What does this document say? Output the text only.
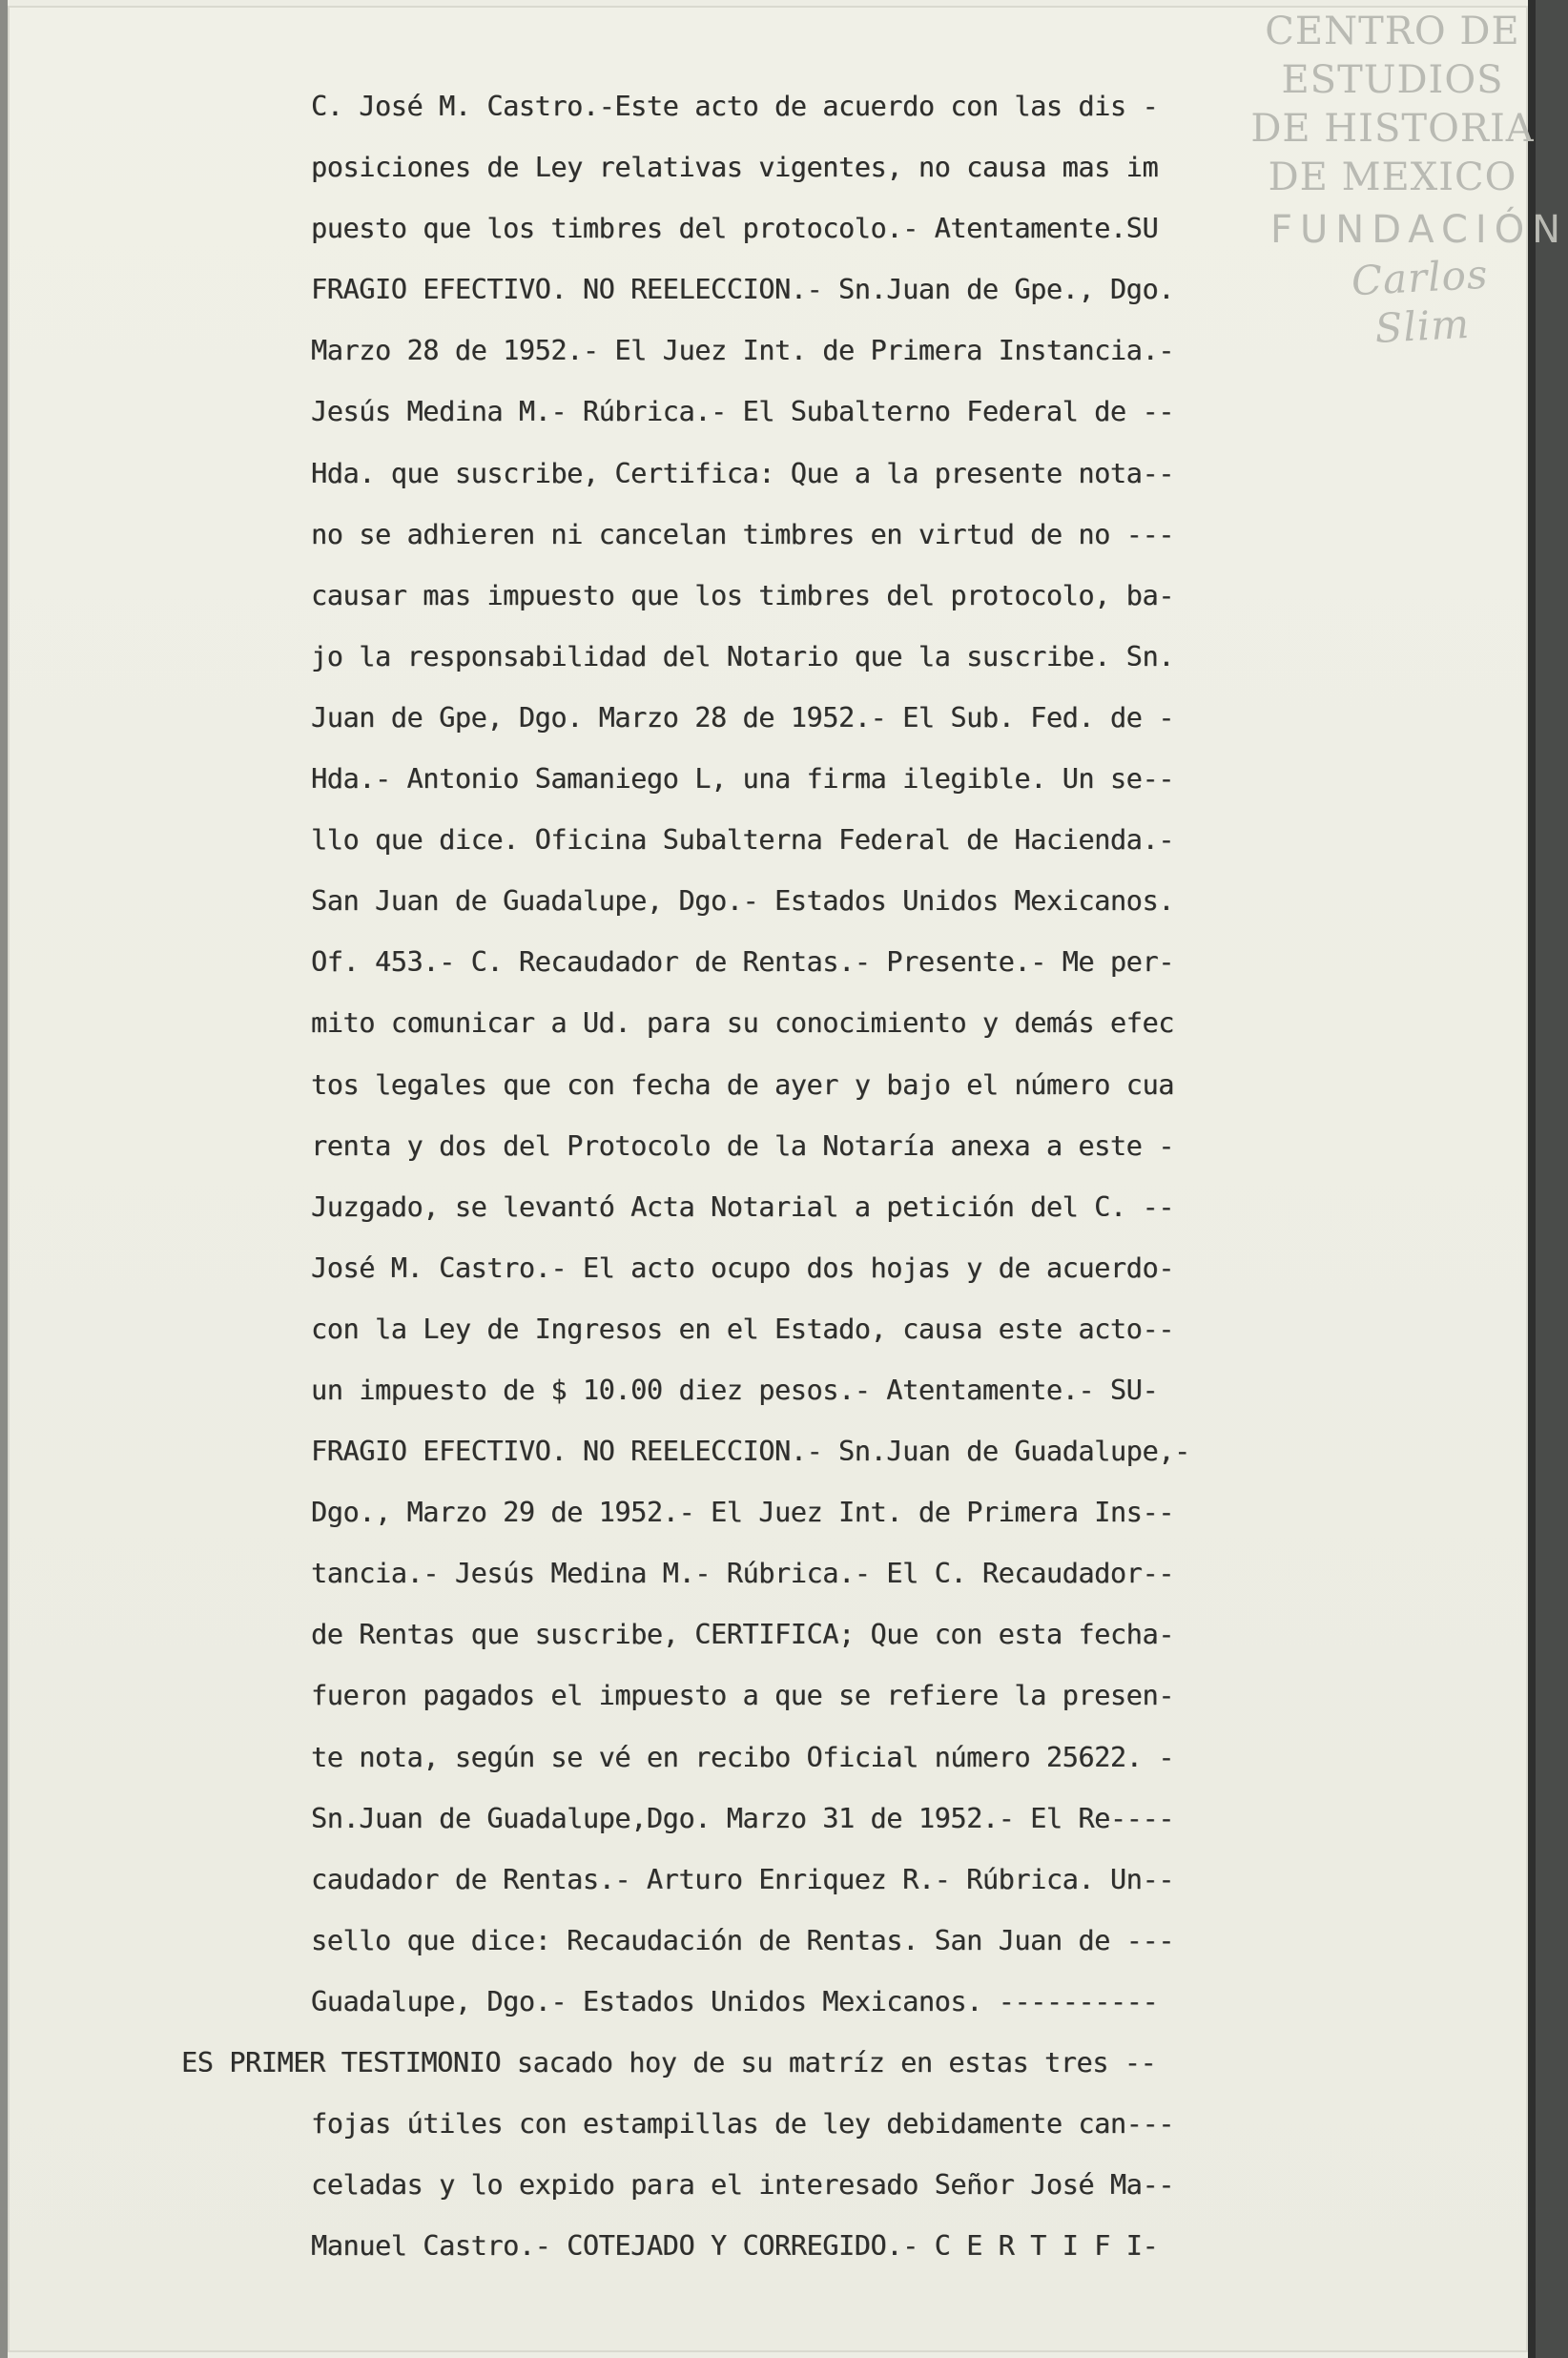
CENTRO DE
ESTUDIOS
DE HISTORIA
DE MEXICO
FUNDACIÓN
Carlos Slim
C. José M. Castro.-Este acto de acuerdo con las dis -
posiciones de Ley relativas vigentes, no causa mas im
puesto que los timbres del protocolo.- Atentamente.SU
FRAGIO EFECTIVO. NO REELECCION.- Sn.Juan de Gpe., Dgo.
Marzo 28 de 1952.- El Juez Int. de Primera Instancia.-
Jesús Medina M.- Rúbrica.- El Subalterno Federal de --
Hda. que suscribe, Certifica: Que a la presente nota--
no se adhieren ni cancelan timbres en virtud de no ---
causar mas impuesto que los timbres del protocolo, ba-
jo la responsabilidad del Notario que la suscribe. Sn.
Juan de Gpe, Dgo. Marzo 28 de 1952.- El Sub. Fed. de -
Hda.- Antonio Samaniego L, una firma ilegible. Un se--
llo que dice. Oficina Subalterna Federal de Hacienda.-
San Juan de Guadalupe, Dgo.- Estados Unidos Mexicanos.
Of. 453.- C. Recaudador de Rentas.- Presente.- Me per-
mito comunicar a Ud. para su conocimiento y demás efec
tos legales que con fecha de ayer y bajo el número cua
renta y dos del Protocolo de la Notaría anexa a este -
Juzgado, se levantó Acta Notarial a petición del C. --
José M. Castro.- El acto ocupo dos hojas y de acuerdo-
con la Ley de Ingresos en el Estado, causa este acto--
un impuesto de $ 10.00 diez pesos.- Atentamente.- SU-
FRAGIO EFECTIVO. NO REELECCION.- Sn.Juan de Guadalupe,-
Dgo., Marzo 29 de 1952.- El Juez Int. de Primera Ins--
tancia.- Jesús Medina M.- Rúbrica.- El C. Recaudador--
de Rentas que suscribe, CERTIFICA; Que con esta fecha-
fueron pagados el impuesto a que se refiere la presen-
te nota, según se vé en recibo Oficial número 25622. -
Sn.Juan de Guadalupe,Dgo. Marzo 31 de 1952.- El Re----
caudador de Rentas.- Arturo Enriquez R.- Rúbrica. Un--
sello que dice: Recaudación de Rentas. San Juan de ---
Guadalupe, Dgo.- Estados Unidos Mexicanos. ----------
ES PRIMER TESTIMONIO sacado hoy de su matríz en estas tres --
fojas útiles con estampillas de ley debidamente can---
celadas y lo expido para el interesado Señor José Ma--
Manuel Castro.- COTEJADO Y CORREGIDO.- C E R T I F I-
